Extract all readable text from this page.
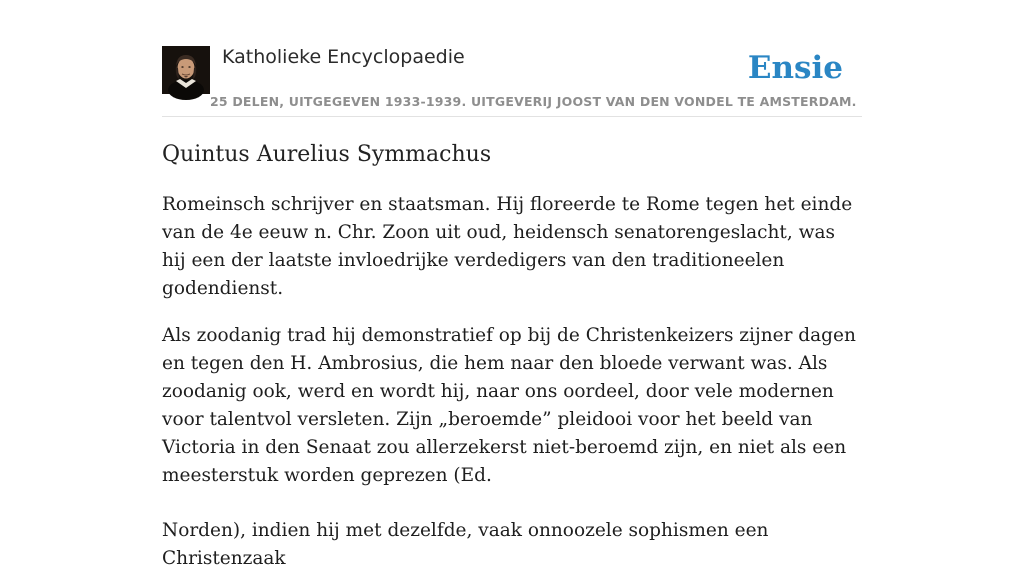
Katholieke Encyclopaedie
25 DELEN, UITGEGEVEN 1933-1939. UITGEVERIJ JOOST VAN DEN VONDEL TE AMSTERDAM.
Ensie
Quintus Aurelius Symmachus

Romeinsch schrijver en staatsman. Hij floreerde te Rome tegen het einde van de 4e eeuw n. Chr. Zoon uit oud, heidensch senatorengeslacht, was hij een der laatste invloedrijke verdedigers van den traditioneelen godendienst.

Als zoodanig trad hij demonstratief op bij de Christenkeizers zijner dagen en tegen den H. Ambrosius, die hem naar den bloede verwant was. Als zoodanig ook, werd en wordt hij, naar ons oordeel, door vele modernen voor talentvol versleten. Zijn „beroemde” pleidooi voor het beeld van Victoria in den Senaat zou allerzekerst niet-beroemd zijn, en niet als een meesterstuk worden geprezen (Ed.

Norden), indien hij met dezelfde, vaak onnoozele sophismen een Christenzaak
